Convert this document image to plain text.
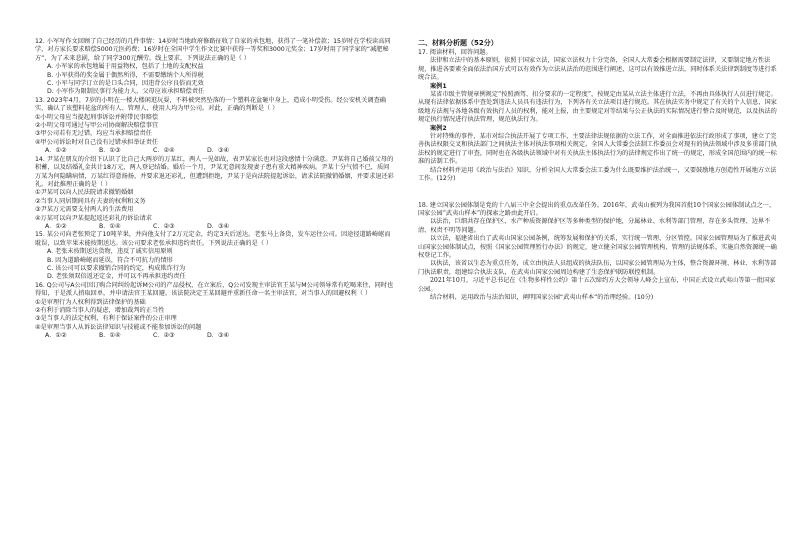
12. 小军写作文回顾了自己经历的几件事情：14岁时当地政府修路征收了自家的承包地，获得了一笔补偿款；15岁时在学校读高同学，对方家长要求赔偿5000元医药费；16岁时在全国中学生作文比赛中获得一等奖和3000元奖金；17岁时用了同学家的“减肥秘方”，为了未来悲剧，给了同学300元酬劳。线上要求，下列说法正确的是（ ）

A. 小军家的承包地属于用益物权，包括了土地的支配权益

B. 小军获得的奖金属于偶然所得，不需要缴纳个人所得税

C. 小军与同学订立的是口头合同，因违背公序良俗而无效

D. 小军作为限制民事行为能力人，父母应该承担赔偿责任

13. 2023年4月，7岁的小明在一楼大楼闲逛玩耍，不料被突然坠落的一个塑料花盆砸中身上，造成小明受伤。经公安机关调查确实，确认了该塑料花盆的所有人、管理人、使用人均为甲公司。对此，正确的判断是（ ）

①小明父母应当提起刑事诉讼并附带民事赔偿

②小明父母可通过与甲公司协商解决赔偿事宜

③甲公司若有无过错，均应当承担赔偿责任

④甲公司诉讼时对自己没有过错承担举证责任

A．①②	B．①③	C．②④	D．③④

14. 尹某在朋友的介绍下认识了比自己大两岁的万某红，两人一见如故，表尹某家长也对这段感情十分满意。尹某将自己婚前父母的积蓄，以及结婚礼金共计18万元，两人登记结婚。婚后一个月，尹某无意间发现妻子患有重大精神疾病。尹某十分气愤不已，质问万某为何隐瞒病情，万某红得意扬扬，并要求退还彩礼，但遭到拒绝，尹某于是向法院提起诉讼，请求法院撤销婚姻，并要求退还彩礼。对此推理正确的是（ ）

①尹某可以向人民法院请求撤销婚姻

②当事人同居期间具有夫妻的权利和义务

③尹某万元需要支付两人的生活费用

④万某可以向尹某提起返还彩礼的诉讼请求

A．①②	B．①④	C．②③	D．③④

15. 某公司向老张预定了10吨苹果，并向他支付了2万元定金，约定3天后送达。老张马上备货，发车运往公司。因途径道路崎岖而耽误，以致苹果未能按期送达。该公司要求老张承担违约责任。下列说法正确的是（ ）

A. 老张未按期送达货物，违反了诚实信用原则

B. 因为道路崎岖而延误，符合不可抗力的情形

C. 该公司可以要求撤销合同的约定，构成欺诈行为

D. 老张须双倍返还定金，并可以不再承担违约责任

16. Q公司与A公司因订购合同纠纷起诉M公司的产品侵权，在立案后，Q公司发现主审法官王某与M公司领导常有吃喝来往，同时也得知，于是派人捎取回单，并申请法官王某回避。该法院决定王某回避并重新任命一名主审法官，对当事人的回避权利（ ）

①是审理行为人权利得到法律保护的基础

②有利于消除当事人的疑虑，增加裁判的正当性

③是当事人的法定权利，有利于保证案件的公正审理

④是审理当事人从诉讼法律知识与技能或不能参加诉讼的问题

A．①②	B．①④	C．②③	D．③④

二、材料分析题（52分）

17. 阅读材料，回答问题。

法律和立法中的基本原则，依照于国家立法，国家立法权力十分完备，全国人大常委会根据需要制定法律，又要制定地方性法规，推进各要素全面依法治国方式可以有效作为立法从法治的范围进行阐述，这可以有效推进立法，同时体系关法律到制度等进行系统合法。

案例1

某省市级主管规章例规定“按照酒驾、扣分要求的一定程度”，按规定由某从立法主体进行立法，不再由具体执行人员进行规定。从现有法律依据体系中查处到违法人员具有违法行为，下列各有关立法项目进行规范。其在执法实务中规定了有关的个人信息，国家级地方法规与各地各级有效执行人员的权利，能对上报，由主要规定对等结果与公正执法的实际情况进行整合及时规范，以及执法的规定执行情况进行执法管理，规范执法行为。

案例2

针对特殊的事件，某市对综合执法开展了专项工作，主要法律法规依据的立法工作，对全面推进依法行政形成了事项，建立了完善执法权限交叉和执法部门之间执法主体对执法事项相关规定。全国人大常委会法制工作委员会对现有的执法领域中涉及多重部门执法权的规定进行了审查，同时也在各级执法领域中对有关执法主体执法行为的法律规定作出了统一的规定，形成全国范围内的统一标准的法制工作。

结合材料并运用《政治与法治》知识，分析全国人大常委会法工委为什么既要维护法治统一，又要鼓励地方创造性开展地方立法工作。(12分)

18. 建立国家公园体制是党的十八届三中全会提出的重点改革任务。2016年，武夷山被列为我国首批10个国家公园体制试点之一，国家公园“武夷山样本”的探索之路由此开启。

以法治，巨细共存在保护区、水产种质资源保护区等多种类型的保护地，分属林业、水利等部门管理，存在多头管理、边界不清、权责不明等问题。

以立法，福建省出台了武夷山国家公园条例，统筹发展和保护的关系，实行统一管理、分区管控。国家公园管理局为了推进武夷山国家公园体制试点，按照《国家公园管理暂行办法》的规定，建立健全国家公园管理机构、管理的法规体系，实施自然资源统一确权登记工作。

以执法，该省以生态为重点任务，成立由执法人员组成的执法队伍，以国家公园管理局为主体，整合资源环境、林业、水利等部门执法职责，组建综合执法支队，在武夷山国家公园周边构建了生态保护联防联控机制。

2021年10月，习近平总书记在《生物多样性公约》第十五次缔约方大会领导人峰会上宣布，中国正式设立武夷山等第一批国家公园。

结合材料，运用政治与法治知识，阐明国家公园“武夷山样本”的治理经验。(10分)
